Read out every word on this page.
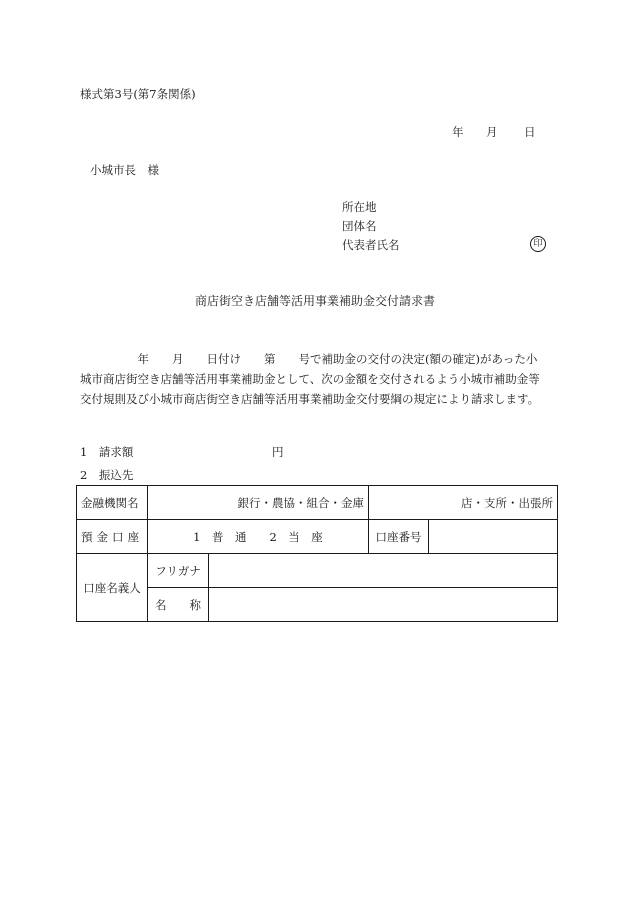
様式第3号(第7条関係)
年 月 日
小城市長　様
所在地
団体名
代表者氏名	印
商店街空き店舗等活用事業補助金交付請求書
　　　　　年　　月　　日付け　　第　　号で補助金の交付の決定(額の確定)があった小
城市商店街空き店舗等活用事業補助金として、次の金額を交付されるよう小城市補助金等
交付規則及び小城市商店街空き店舗等活用事業補助金交付要綱の規定により請求します。
1　請求額	円
2　振込先
金融機関名	銀行・農協・組合・金庫		店・支所・出張所	
預金口座	1　普　通　　2　当　座		口座番号	
口座名義人	フリガナ			
	名　　称			
